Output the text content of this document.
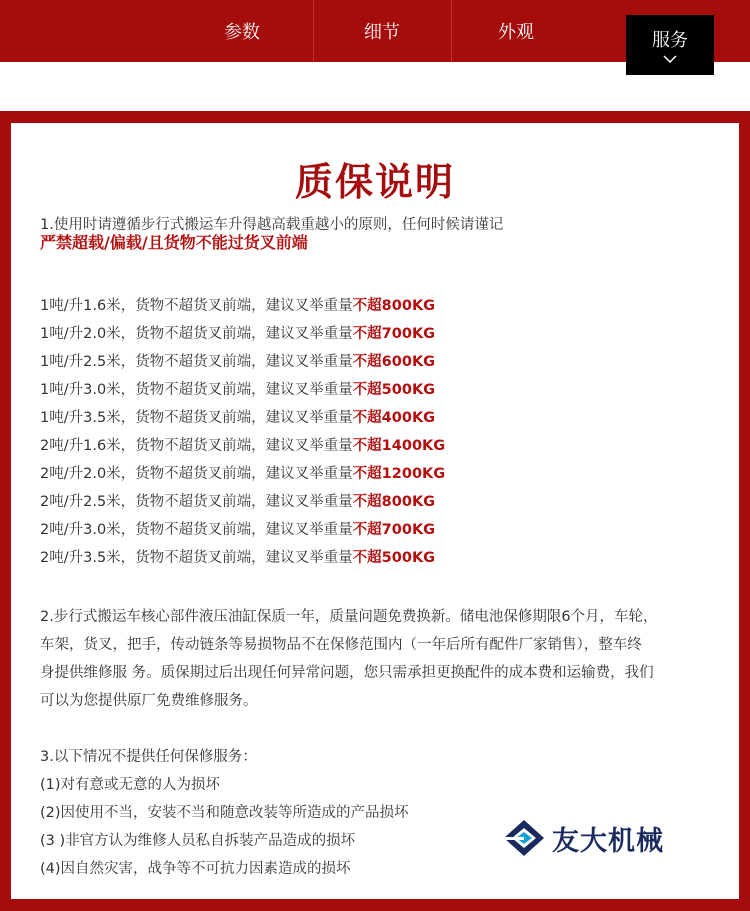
参数	细节	外观	服务
质保说明
1.使用时请遵循步行式搬运车升得越高载重越小的原则，任何时候请谨记
严禁超载/偏载/且货物不能过货叉前端
1吨/升1.6米，货物不超货叉前端，建议叉举重量不超800KG
1吨/升2.0米，货物不超货叉前端，建议叉举重量不超700KG
1吨/升2.5米，货物不超货叉前端，建议叉举重量不超600KG
1吨/升3.0米，货物不超货叉前端，建议叉举重量不超500KG
1吨/升3.5米，货物不超货叉前端，建议叉举重量不超400KG
2吨/升1.6米，货物不超货叉前端，建议叉举重量不超1400KG
2吨/升2.0米，货物不超货叉前端，建议叉举重量不超1200KG
2吨/升2.5米，货物不超货叉前端，建议叉举重量不超800KG
2吨/升3.0米，货物不超货叉前端，建议叉举重量不超700KG
2吨/升3.5米，货物不超货叉前端，建议叉举重量不超500KG
2.步行式搬运车核心部件液压油缸保质一年，质量问题免费换新。储电池保修期限6个月，车轮，
车架，货叉，把手，传动链条等易损物品不在保修范围内（一年后所有配件厂家销售），整车终
身提供维修服 务。质保期过后出现任何异常问题，您只需承担更换配件的成本费和运输费，我们
可以为您提供原厂免费维修服务。
3.以下情况不提供任何保修服务：
(1)对有意或无意的人为损坏
(2)因使用不当，安装不当和随意改装等所造成的产品损坏
(3 )非官方认为维修人员私自拆装产品造成的损坏
(4)因自然灾害，战争等不可抗力因素造成的损坏
友大机械
